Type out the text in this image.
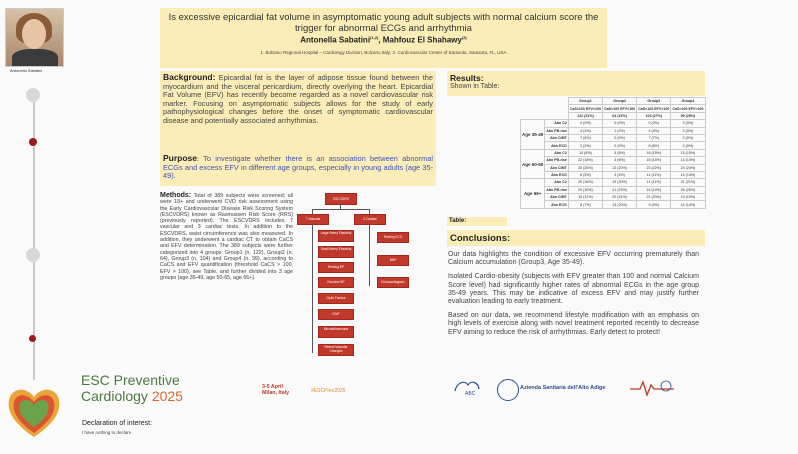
Antonella Sabatini
Is excessive epicardial fat volume in asymptomatic young adult subjects with normal calcium score the trigger for abnormal ECGs and arrhythmia
Antonella Sabatini$^{(1,2)}$, Mahfouz El Shahawy$^{(2)}$
1. Bolzano Regional Hospital – Cardiology Division, Bolzano Italy; 2. Cardiovascular Center of Sarasota, Sarasota, FL, USA
Background: Epicardial fat is the layer of adipose tissue found between the myocardium and the visceral pericardium, directly overlying the heart. Epicardial Fat Volume (EFV) has recently become regarded as a novel cardiovascular risk marker. Focusing on asymptomatic subjects allows for the study of early pathophysiological changes before the onset of symptomatic cardiovascular disease and potentially associated arrhythmias.
Purpose: To investigate whether there is an association between abnormal ECGs and excess EFV in different age groups, especially in young adults (age 35-49).
Methods: Total of 389 subjects were screened; all were 18+ and underwent CVD risk assessment using the Early Cardiovascular Disease Risk Scoring System (ESCVDRS) known as Rasmussen Risk Score (RRS) (previously reported). The ESCVDRS includes 7 vascular and 3 cardiac tests. In addition to the ESCVDRS, waist circumference was also measured. In addition, they underwent a cardiac CT to obtain CaCS and EFV determination. The 389 subjects were further categorized into 4 groups: Group1 (n. 122), Group2 (n. 64), Group3 (n. 104) and Group4 (n. 99), according to CaCS and EFV quantification (threshold CaCS > 100, EFV > 100), see Table, and further divided into 3 age groups (age 35-49, age 50-65, age 66+).
ESCVDRS
7 Vascular	3 Cardiac
Large Artery Elasticity
Small Artery Elasticity
Resting BP
Exercise BP
Optic Fundus
CIMT
Microalbuminuria
Retinal Vascular Changes
Resting ECG
BNP
Echocardiogram
Results:
Shown in Table:
		Group1	Group2	Group3	Group4
		CaS<100 EFV<100	CaS>100 EFV<100	CaS<100 EFV>100	CaS>100 EFV>100
		122 (31%)	64 (16%)	104 (27%)	99 (25%)
Age 35-49	Abn C2	0 (0%)	0 (0%)	0 (0%)	0 (0%)
	Abn PB-rise	4 (3%)	1 (2%)	4 (4%)	0 (0%)
	Abn CIMT	7 (6%)	0 (0%)	7 (7%)	0 (0%)
	Abn ECG	2 (2%)	0 (0%)	6 (6%)	0 (0%)
Age 50-65	Abn C2	10 (8%)	5 (8%)	16 (15%)	15 (15%)
	Abn PB-rise	22 (18%)	4 (6%)	15 (14%)	14 (14%)
	Abn CIMT	30 (25%)	13 (20%)	23 (22%)	24 (24%)
	Abn ECG	6 (5%)	3 (5%)	11 (11%)	14 (14%)
Age 66+	Abn C2	20 (16%)	19 (30%)	11 (11%)	21 (21%)
	Abn PB-rise	20 (16%)	21 (33%)	15 (14%)	26 (26%)
	Abn CIMT	15 (12%)	20 (31%)	21 (20%)	19 (19%)
	Abn ECG	8 (7%)	13 (20%)	9 (9%)	14 (14%)
Table:
Conclusions:

Our data highlights the condition of excessive EFV occurring prematurely than Calcium accumulation (Group3, Age 35-49).

Isolated Cardio-obesity (subjects with EFV greater than 100 and normal Calcium Score level) had significantly higher rates of abnormal ECGs in the age group 35-49 years. This may be indicative of excess EFV and may justify further evaluation leading to early treatment.

Based on our data, we recommend lifestyle modification with an emphasis on high levels of exercise along with novel treatment reported recently to decrease EFV aiming to reduce the risk of arrhythmias. Early detect to protect!

ESC Preventive
Cardiology 2025
3-5 April
Milan, Italy	#ESCPrev2025	ABC
Azienda Sanitaria dell'Alto Adige
Declaration of interest:
I have nothing to declare
